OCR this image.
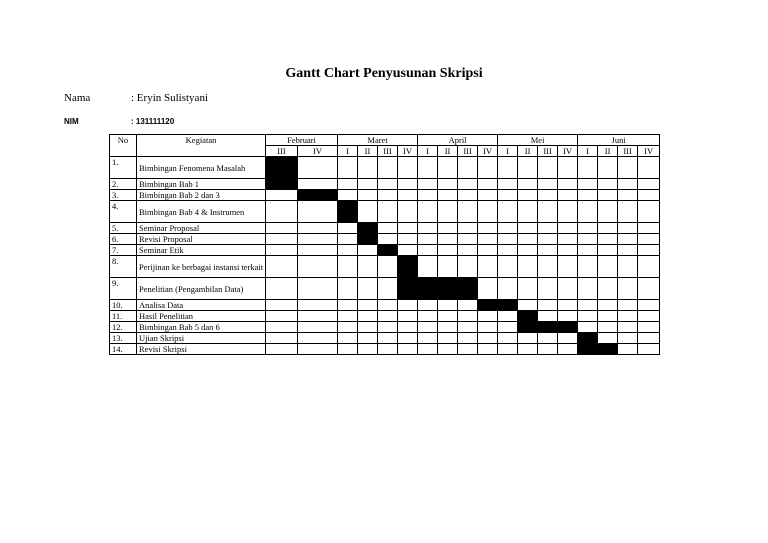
Gantt Chart Penyusunan Skripsi
Nama	: Eryin Sulistyani
NIM	: 131111120
No	Kegiatan	Februari		Maret				April				Mei				Juni			
		III	IV	I	II	III	IV	I	II	III	IV	I	II	III	IV	I	II	III	IV
1.	Bimbingan Fenomena Masalah																		
2.	Bimbingan Bab 1																		
3.	Bimbingan Bab 2 dan 3																		
4.	Bimbingan Bab 4 & Instrumen																		
5.	Seminar Proposal																		
6.	Revisi Proposal																		
7.	Seminar Etik																		
8.	Perijinan ke berbagai instansi terkait																		
9.	Penelitian (Pengambilan Data)																		
10.	Analisa Data																		
11.	Hasil Penelitian																		
12.	Bimbingan Bab 5 dan 6																		
13.	Ujian Skripsi																		
14.	Revisi Skripsi																		
